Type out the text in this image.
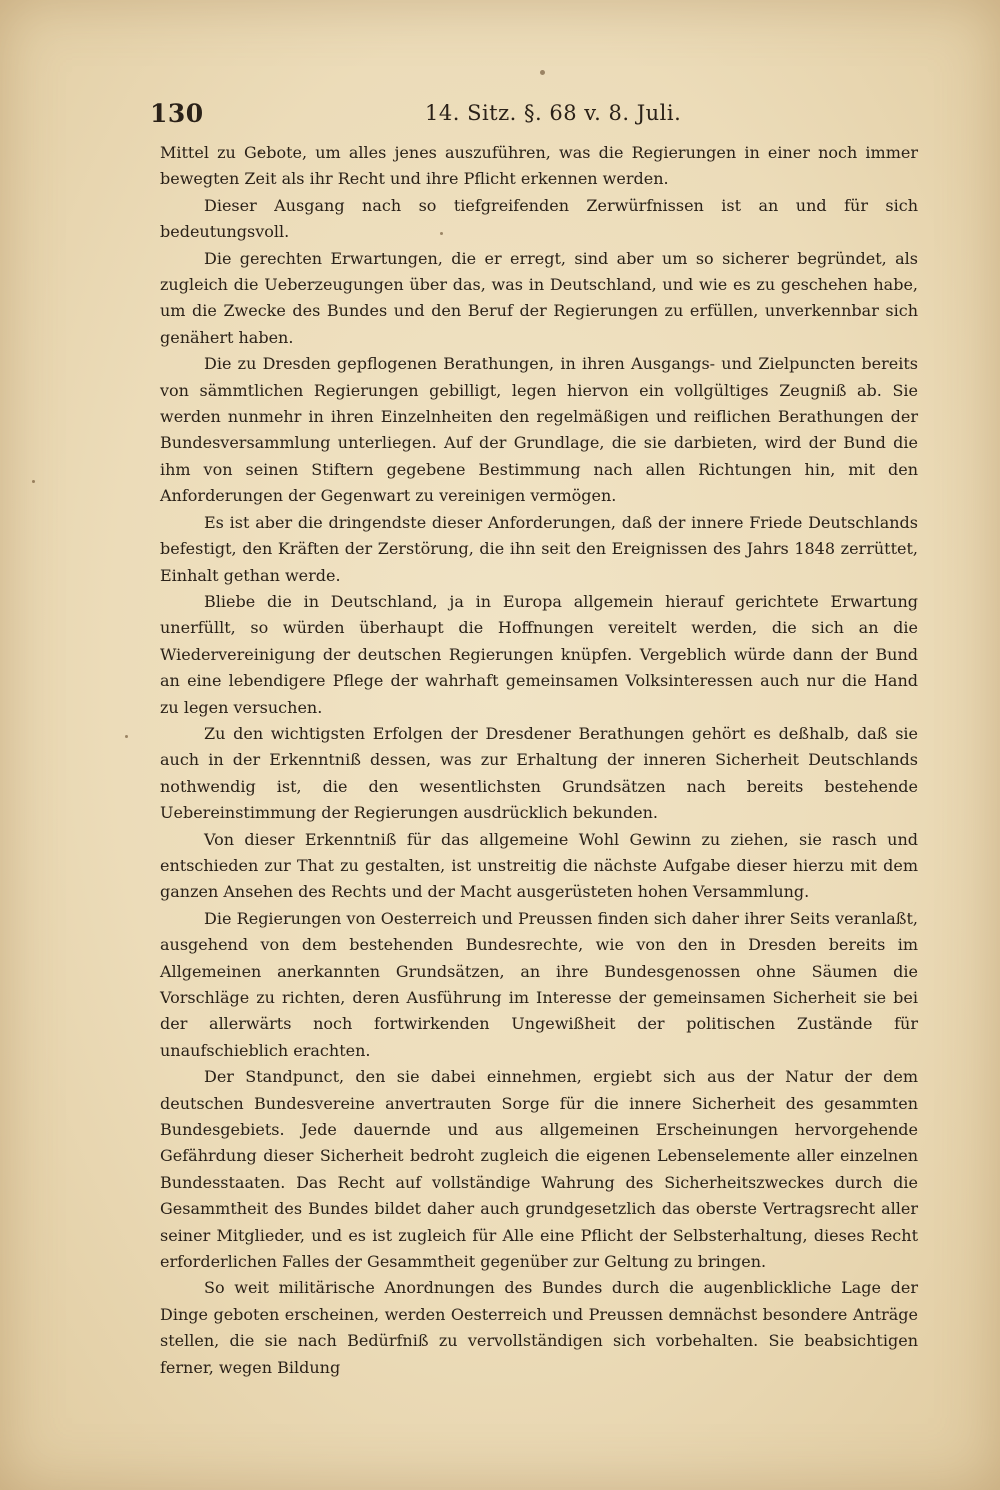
130	14. Sitz. §. 68 v. 8. Juli.

Mittel zu Gebote, um alles jenes auszuführen, was die Regierungen in einer noch immer bewegten Zeit als ihr Recht und ihre Pflicht erkennen werden.

Dieser Ausgang nach so tiefgreifenden Zerwürfnissen ist an und für sich bedeutungsvoll.

Die gerechten Erwartungen, die er erregt, sind aber um so sicherer begründet, als zugleich die Ueberzeugungen über das, was in Deutschland, und wie es zu geschehen habe, um die Zwecke des Bundes und den Beruf der Regierungen zu erfüllen, unverkennbar sich genähert haben.

Die zu Dresden gepflogenen Berathungen, in ihren Ausgangs- und Zielpuncten bereits von sämmtlichen Regierungen gebilligt, legen hiervon ein vollgültiges Zeugniß ab. Sie werden nunmehr in ihren Einzelnheiten den regelmäßigen und reiflichen Berathungen der Bundesversammlung unterliegen. Auf der Grundlage, die sie darbieten, wird der Bund die ihm von seinen Stiftern gegebene Bestimmung nach allen Richtungen hin, mit den Anforderungen der Gegenwart zu vereinigen vermögen.

Es ist aber die dringendste dieser Anforderungen, daß der innere Friede Deutschlands befestigt, den Kräften der Zerstörung, die ihn seit den Ereignissen des Jahrs 1848 zerrüttet, Einhalt gethan werde.

Bliebe die in Deutschland, ja in Europa allgemein hierauf gerichtete Erwartung unerfüllt, so würden überhaupt die Hoffnungen vereitelt werden, die sich an die Wiedervereinigung der deutschen Regierungen knüpfen. Vergeblich würde dann der Bund an eine lebendigere Pflege der wahrhaft gemeinsamen Volksinteressen auch nur die Hand zu legen versuchen.

Zu den wichtigsten Erfolgen der Dresdener Berathungen gehört es deßhalb, daß sie auch in der Erkenntniß dessen, was zur Erhaltung der inneren Sicherheit Deutschlands nothwendig ist, die den wesentlichsten Grundsätzen nach bereits bestehende Uebereinstimmung der Regierungen ausdrücklich bekunden.

Von dieser Erkenntniß für das allgemeine Wohl Gewinn zu ziehen, sie rasch und entschieden zur That zu gestalten, ist unstreitig die nächste Aufgabe dieser hierzu mit dem ganzen Ansehen des Rechts und der Macht ausgerüsteten hohen Versammlung.

Die Regierungen von Oesterreich und Preussen finden sich daher ihrer Seits veranlaßt, ausgehend von dem bestehenden Bundesrechte, wie von den in Dresden bereits im Allgemeinen anerkannten Grundsätzen, an ihre Bundesgenossen ohne Säumen die Vorschläge zu richten, deren Ausführung im Interesse der gemeinsamen Sicherheit sie bei der allerwärts noch fortwirkenden Ungewißheit der politischen Zustände für unaufschieblich erachten.

Der Standpunct, den sie dabei einnehmen, ergiebt sich aus der Natur der dem deutschen Bundesvereine anvertrauten Sorge für die innere Sicherheit des gesammten Bundesgebiets. Jede dauernde und aus allgemeinen Erscheinungen hervorgehende Gefährdung dieser Sicherheit bedroht zugleich die eigenen Lebenselemente aller einzelnen Bundesstaaten. Das Recht auf vollständige Wahrung des Sicherheitszweckes durch die Gesammtheit des Bundes bildet daher auch grundgesetzlich das oberste Vertragsrecht aller seiner Mitglieder, und es ist zugleich für Alle eine Pflicht der Selbsterhaltung, dieses Recht erforderlichen Falles der Gesammtheit gegenüber zur Geltung zu bringen.

So weit militärische Anordnungen des Bundes durch die augenblickliche Lage der Dinge geboten erscheinen, werden Oesterreich und Preussen demnächst besondere Anträge stellen, die sie nach Bedürfniß zu vervollständigen sich vorbehalten. Sie beabsichtigen ferner, wegen Bildung
